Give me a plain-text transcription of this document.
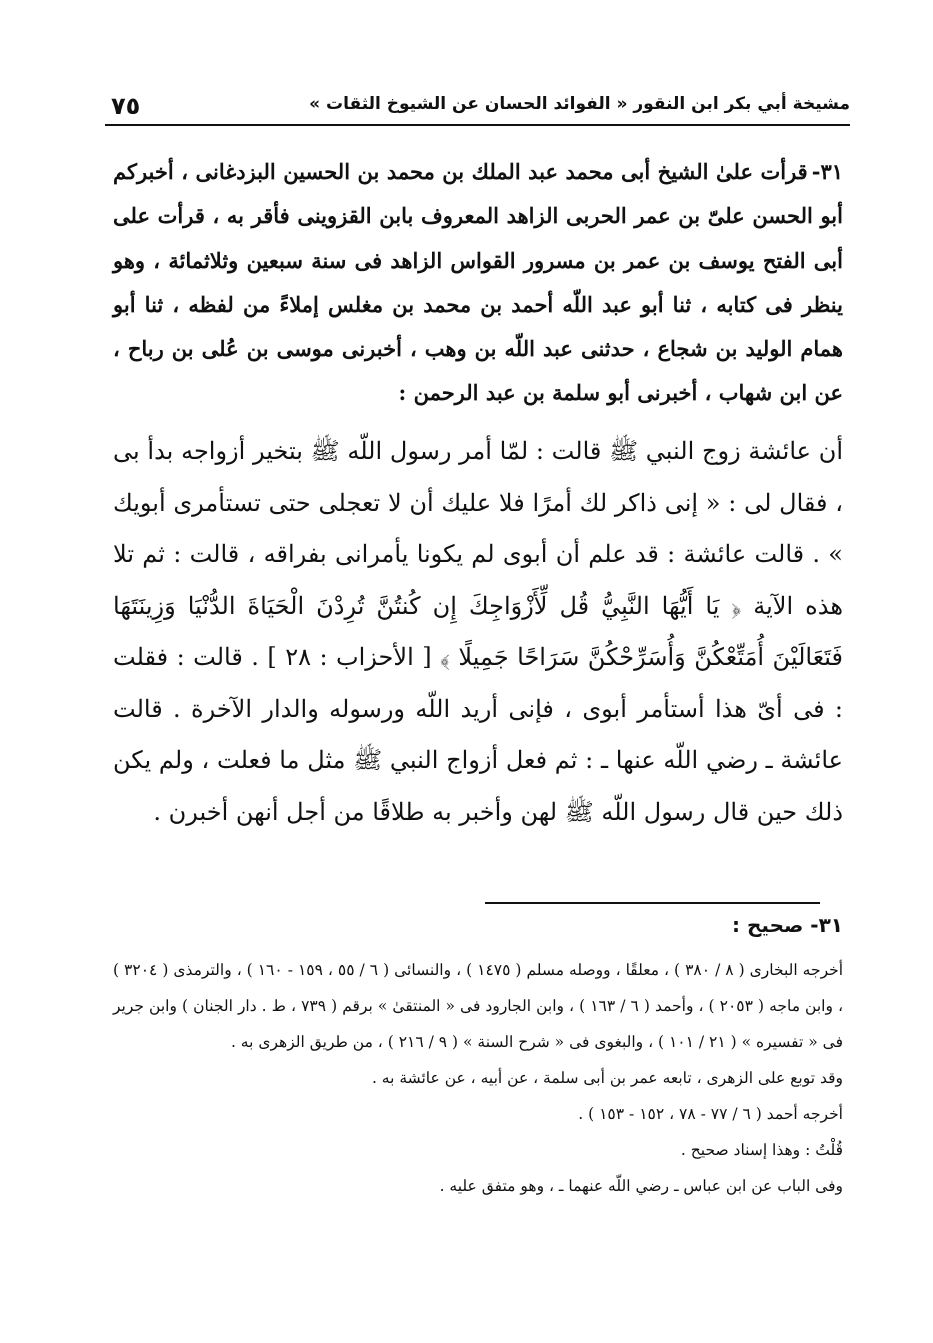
مشيخة أبي بكر ابن النقور « الفوائد الحسان عن الشيوخ الثقات »
٧٥
٣١-قرأت علىٰ الشيخ أبى محمد عبد الملك بن محمد بن الحسين البزدغانى ، أخبركم أبو الحسن علىّ بن عمر الحربى الزاهد المعروف بابن القزوينى فأقر به ، قرأت على أبى الفتح يوسف بن عمر بن مسرور القواس الزاهد فى سنة سبعين وثلاثمائة ، وهو ينظر فى كتابه ، ثنا أبو عبد اللّه أحمد بن محمد بن مغلس إملاءً من لفظه ، ثنا أبو همام الوليد بن شجاع ، حدثنى عبد اللّه بن وهب ، أخبرنى موسى بن عُلى بن رباح ، عن ابن شهاب ، أخبرنى أبو سلمة بن عبد الرحمن :
أن عائشة زوج النبي ﷺ قالت : لمّا أمر رسول اللّه ﷺ بتخير أزواجه بدأ بى ، فقال لى : « إنى ذاكر لك أمرًا فلا عليك أن لا تعجلى حتى تستأمرى أبويك » . قالت عائشة : قد علم أن أبوى لم يكونا يأمرانى بفراقه ، قالت : ثم تلا هذه الآية ﴿ يَا أَيُّهَا النَّبِيُّ قُل لِّأَزْوَاجِكَ إِن كُنتُنَّ تُرِدْنَ الْحَيَاةَ الدُّنْيَا وَزِينَتَهَا فَتَعَالَيْنَ أُمَتِّعْكُنَّ وَأُسَرِّحْكُنَّ سَرَاحًا جَمِيلًا ﴾ [ الأحزاب : ٢٨ ] . قالت : فقلت : فى أىّ هذا أستأمر أبوى ، فإنى أريد اللّه ورسوله والدار الآخرة . قالت عائشة ـ رضي اللّه عنها ـ : ثم فعل أزواج النبي ﷺ مثل ما فعلت ، ولم يكن ذلك حين قال رسول اللّه ﷺ لهن وأخبر به طلاقًا من أجل أنهن أخبرن .
٣١- صحيح :

أخرجه البخارى ( ٨ / ٣٨٠ ) ، معلقًا ، ووصله مسلم ( ١٤٧٥ ) ، والنسائى ( ٦ / ٥٥ ، ١٥٩ - ١٦٠ ) ، والترمذى ( ٣٢٠٤ ) ، وابن ماجه ( ٢٠٥٣ ) ، وأحمد ( ٦ / ١٦٣ ) ، وابن الجارود فى « المنتقىٰ » برقم ( ٧٣٩ ، ط . دار الجنان ) وابن جرير فى « تفسيره » ( ٢١ / ١٠١ ) ، والبغوى فى « شرح السنة » ( ٩ / ٢١٦ ) ، من طريق الزهرى به .

وقد توبع على الزهرى ، تابعه عمر بن أبى سلمة ، عن أبيه ، عن عائشة به .

أخرجه أحمد ( ٦ / ٧٧ - ٧٨ ، ١٥٢ - ١٥٣ ) .

قُلْتُ : وهذا إسناد صحيح .

وفى الباب عن ابن عباس ـ رضي اللّه عنهما ـ ، وهو متفق عليه .
